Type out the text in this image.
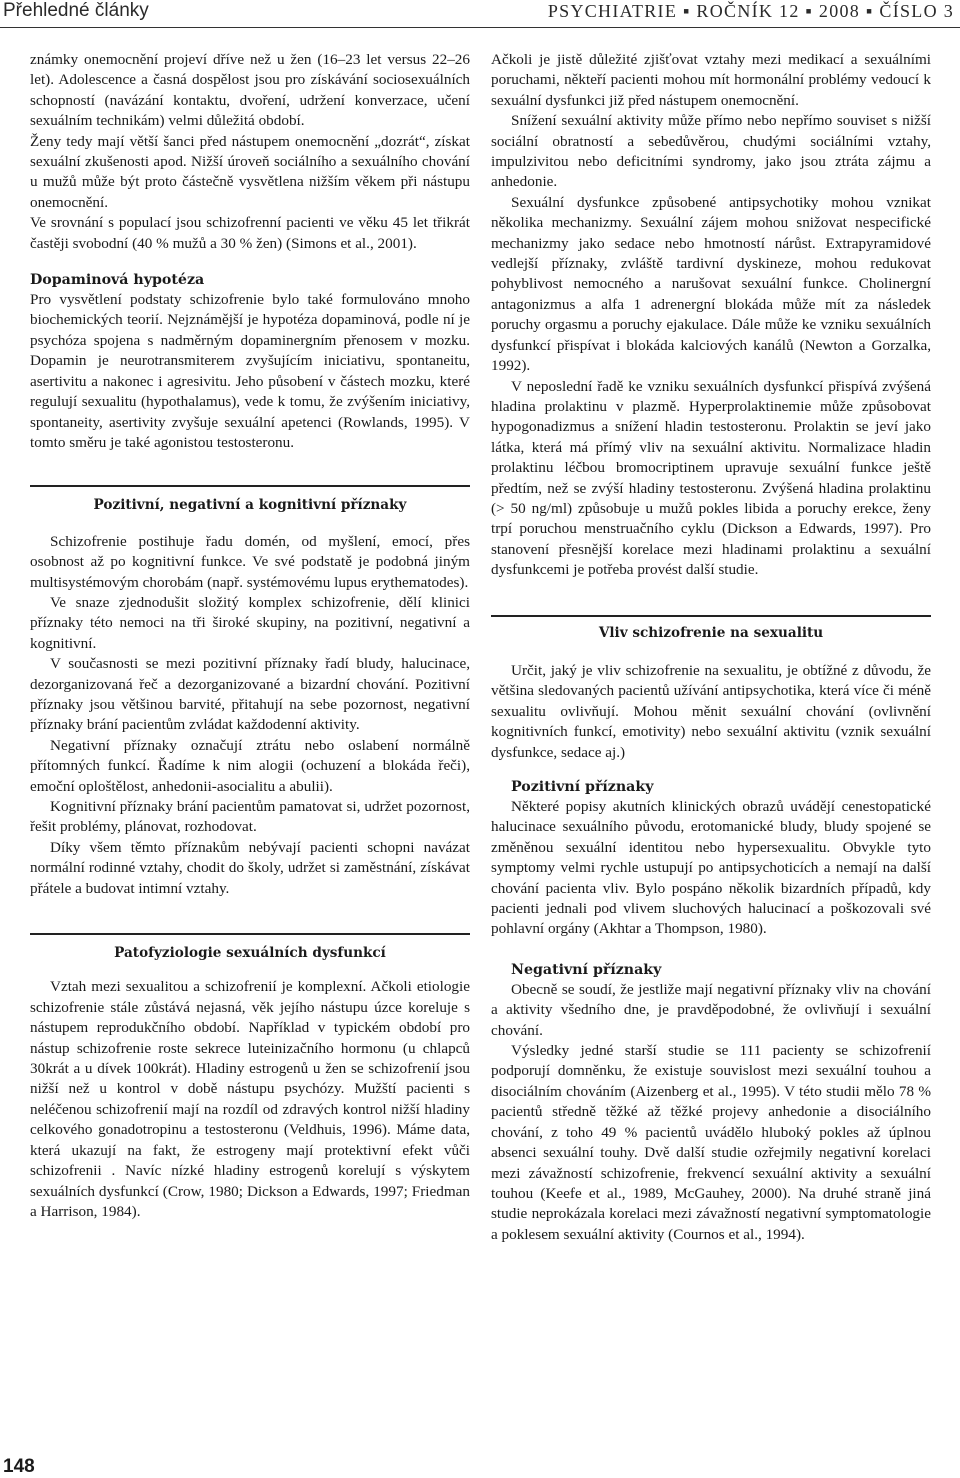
Přehledné články	PSYCHIATRIE ▪ ROČNÍK 12 ▪ 2008 ▪ ČÍSLO 3

známky onemocnění projeví dříve než u žen (16–23 let versus 22–26 let). Adolescence a časná dospělost jsou pro získávání sociosexuálních schopností (navázání kontaktu, dvoření, udržení konverzace, učení sexuálním technikám) velmi důležitá období.

Ženy tedy mají větší šanci před nástupem onemocnění „dozrát“, získat sexuální zkušenosti apod. Nižší úroveň sociálního a sexuálního chování u mužů může být proto částečně vysvětlena nižším věkem při nástupu onemocnění.

Ve srovnání s populací jsou schizofrenní pacienti ve věku 45 let třikrát častěji svobodní (40 % mužů a 30 % žen) (Simons et al., 2001).

Dopaminová hypotéza

Pro vysvětlení podstaty schizofrenie bylo také formulováno mnoho biochemických teorií. Nejznámější je hypotéza dopaminová, podle ní je psychóza spojena s nadměrným dopaminergním přenosem v mozku. Dopamin je neurotransmiterem zvyšujícím iniciativu, spontaneitu, asertivitu a nakonec i agresivitu. Jeho působení v částech mozku, které regulují sexualitu (hypothalamus), vede k tomu, že zvýšením iniciativy, spontaneity, asertivity zvyšuje sexuální apetenci (Rowlands, 1995). V tomto směru je také agonistou testosteronu.

Pozitivní, negativní a kognitivní příznaky

Schizofrenie postihuje řadu domén, od myšlení, emocí, přes osobnost až po kognitivní funkce. Ve své podstatě je podobná jiným multisystémovým chorobám (např. systémovému lupus erythematodes).

Ve snaze zjednodušit složitý komplex schizofrenie, dělí klinici příznaky této nemoci na tři široké skupiny, na pozitivní, negativní a kognitivní.

V současnosti se mezi pozitivní příznaky řadí bludy, halucinace, dezorganizovaná řeč a dezorganizované a bizardní chování. Pozitivní příznaky jsou většinou barvité, přitahují na sebe pozornost, negativní příznaky brání pacientům zvládat každodenní aktivity.

Negativní příznaky označují ztrátu nebo oslabení normálně přítomných funkcí. Řadíme k nim alogii (ochuzení a blokáda řeči), emoční oploštělost, anhedonii-asocialitu a abulii).

Kognitivní příznaky brání pacientům pamatovat si, udržet pozornost, řešit problémy, plánovat, rozhodovat.

Díky všem těmto příznakům nebývají pacienti schopni navázat normální rodinné vztahy, chodit do školy, udržet si zaměstnání, získávat přátele a budovat intimní vztahy.

Patofyziologie sexuálních dysfunkcí

Vztah mezi sexualitou a schizofrenií je komplexní. Ačkoli etiologie schizofrenie stále zůstává nejasná, věk jejího nástupu úzce koreluje s nástupem reprodukčního období. Například v typickém období pro nástup schizofrenie roste sekrece luteinizačního hormonu (u chlapců 30krát a u dívek 100krát). Hladiny estrogenů u žen se schizofrenií jsou nižší než u kontrol v době nástupu psychózy. Mužští pacienti s neléčenou schizofrenií mají na rozdíl od zdravých kontrol nižší hladiny celkového gonadotropinu a testosteronu (Veldhuis, 1996). Máme data, která ukazují na fakt, že estrogeny mají protektivní efekt vůči schizofrenii . Navíc nízké hladiny estrogenů korelují s výskytem sexuálních dysfunkcí (Crow, 1980; Dickson a Edwards, 1997; Friedman a Harrison, 1984).

Ačkoli je jistě důležité zjišťovat vztahy mezi medikací a sexuálními poruchami, někteří pacienti mohou mít hormonální problémy vedoucí k sexuální dysfunkci již před nástupem onemocnění.

Snížení sexuální aktivity může přímo nebo nepřímo souviset s nižší sociální obratností a sebedůvěrou, chudými sociálními vztahy, impulzivitou nebo deficitními syndromy, jako jsou ztráta zájmu a anhedonie.

Sexuální dysfunkce způsobené antipsychotiky mohou vznikat několika mechanizmy. Sexuální zájem mohou snižovat nespecifické mechanizmy jako sedace nebo hmotností nárůst. Extrapyramidové vedlejší příznaky, zvláště tardivní dyskineze, mohou redukovat pohyblivost nemocného a narušovat sexuální funkce. Cholinergní antagonizmus a alfa 1 adrenergní blokáda může mít za následek poruchy orgasmu a poruchy ejakulace. Dále může ke vzniku sexuálních dysfunkcí přispívat i blokáda kalciových kanálů (Newton a Gorzalka, 1992).

V neposlední řadě ke vzniku sexuálních dysfunkcí přispívá zvýšená hladina prolaktinu v plazmě. Hyperprolaktinemie může způsobovat hypogonadizmus a snížení hladin testosteronu. Prolaktin se jeví jako látka, která má přímý vliv na sexuální aktivitu. Normalizace hladin prolaktinu léčbou bromocriptinem upravuje sexuální funkce ještě předtím, než se zvýší hladiny testosteronu. Zvýšená hladina prolaktinu (> 50 ng/ml) způsobuje u mužů pokles libida a poruchy erekce, ženy trpí poruchou menstruačního cyklu (Dickson a Edwards, 1997). Pro stanovení přesnější korelace mezi hladinami prolaktinu a sexuální dysfunkcemi je potřeba provést další studie.

Vliv schizofrenie na sexualitu

Určit, jaký je vliv schizofrenie na sexualitu, je obtížné z důvodu, že většina sledovaných pacientů užívání antipsychotika, která více či méně sexualitu ovlivňují. Mohou měnit sexuální chování (ovlivnění kognitivních funkcí, emotivity) nebo sexuální aktivitu (vznik sexuální dysfunkce, sedace aj.)

Pozitivní příznaky

Některé popisy akutních klinických obrazů uvádějí cenestopatické halucinace sexuálního původu, erotomanické bludy, bludy spojené se změněnou sexuální identitou nebo hypersexualitu. Obvykle tyto symptomy velmi rychle ustupují po antipsychoticích a nemají na další chování pacienta vliv. Bylo pospáno několik bizardních případů, kdy pacienti jednali pod vlivem sluchových halucinací a poškozovali své pohlavní orgány (Akhtar a Thompson, 1980).

Negativní příznaky

Obecně se soudí, že jestliže mají negativní příznaky vliv na chování a aktivity všedního dne, je pravděpodobné, že ovlivňují i sexuální chování.

Výsledky jedné starší studie se 111 pacienty se schizofrenií podporují domněnku, že existuje souvislost mezi sexuální touhou a disociálním chováním (Aizenberg et al., 1995). V této studii mělo 78 % pacientů středně těžké až těžké projevy anhedonie a disociálního chování, z toho 49 % pacientů uvádělo hluboký pokles až úplnou absenci sexuální touhy. Dvě další studie ozřejmily negativní korelaci mezi závažností schizofrenie, frekvencí sexuální aktivity a sexuální touhou (Keefe et al., 1989, McGauhey, 2000). Na druhé straně jiná studie neprokázala korelaci mezi závažností negativní symptomatologie a poklesem sexuální aktivity (Cournos et al., 1994).

148
